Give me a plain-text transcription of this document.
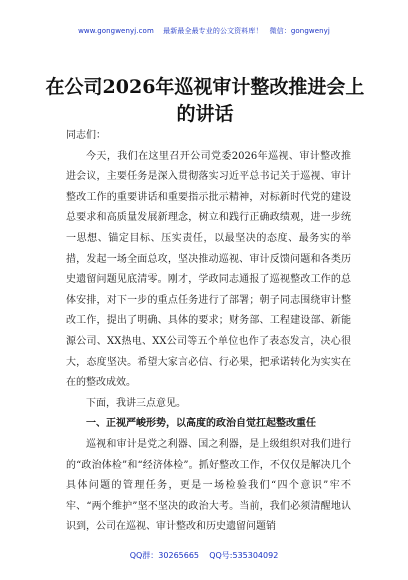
www.gongwenyj.com 最新最全最专业的公文资料库！ 微信：gongwenyj
在公司2026年巡视审计整改推进会上的讲话

同志们：

今天，我们在这里召开公司党委2026年巡视、审计整改推进会议，主要任务是深入贯彻落实习近平总书记关于巡视、审计整改工作的重要讲话和重要指示批示精神，对标新时代党的建设总要求和高质量发展新理念，树立和践行正确政绩观，进一步统一思想、锚定目标、压实责任，以最坚决的态度、最务实的举措，发起一场全面总攻，坚决推动巡视、审计反馈问题和各类历史遗留问题见底清零。刚才，学政同志通报了巡视整改工作的总体安排，对下一步的重点任务进行了部署；朝子同志围绕审计整改工作，提出了明确、具体的要求；财务部、工程建设部、新能源公司、XX热电、XX公司等五个单位也作了表态发言，决心很大，态度坚决。希望大家言必信、行必果，把承诺转化为实实在在的整改成效。

下面，我讲三点意见。

一、正视严峻形势，以高度的政治自觉扛起整改重任

巡视和审计是党之利器、国之利器，是上级组织对我们进行的“政治体检”和“经济体检”。抓好整改工作，不仅仅是解决几个具体问题的管理任务，更是一场检验我们“四个意识”牢不牢、“两个维护”坚不坚决的政治大考。当前，我们必须清醒地认识到，公司在巡视、审计整改和历史遗留问题销

QQ群：30265665 QQ号:535304092
